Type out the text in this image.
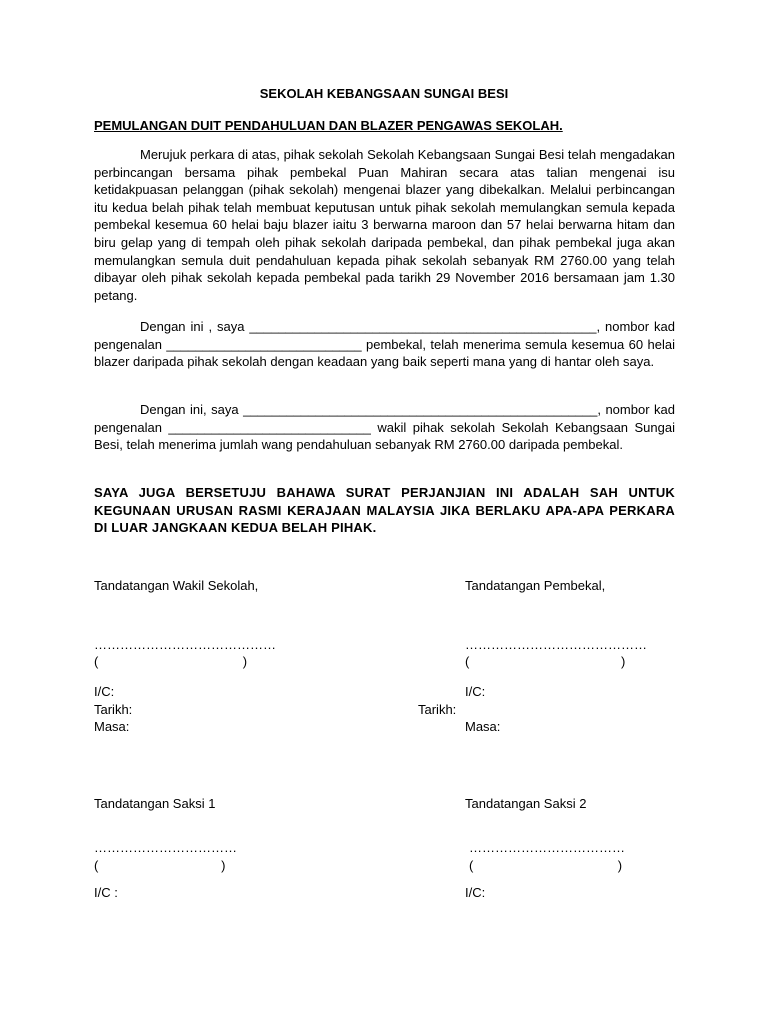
SEKOLAH KEBANGSAAN SUNGAI BESI
PEMULANGAN DUIT PENDAHULUAN DAN BLAZER PENGAWAS SEKOLAH.
Merujuk perkara di atas, pihak sekolah Sekolah Kebangsaan Sungai Besi telah mengadakan perbincangan bersama pihak pembekal Puan Mahiran secara atas talian mengenai isu ketidakpuasan pelanggan (pihak sekolah) mengenai blazer yang dibekalkan. Melalui perbincangan itu kedua belah pihak telah membuat keputusan untuk pihak sekolah memulangkan semula kepada pembekal kesemua 60 helai baju blazer iaitu 3 berwarna maroon dan 57 helai berwarna hitam dan biru gelap yang di tempah oleh pihak sekolah daripada pembekal, dan pihak pembekal juga akan memulangkan semula duit pendahuluan kepada pihak sekolah sebanyak RM 2760.00 yang telah dibayar oleh pihak sekolah kepada pembekal pada tarikh 29 November 2016 bersamaan jam 1.30 petang.
Dengan ini , saya ________________________________________________, nombor kad pengenalan ___________________________ pembekal, telah menerima semula kesemua 60 helai blazer daripada pihak sekolah dengan keadaan yang baik seperti mana yang di hantar oleh saya.
Dengan ini, saya _________________________________________________, nombor kad pengenalan ____________________________ wakil pihak sekolah Sekolah Kebangsaan Sungai Besi, telah menerima jumlah wang pendahuluan sebanyak RM 2760.00 daripada pembekal.
SAYA JUGA BERSETUJU BAHAWA SURAT PERJANJIAN INI ADALAH SAH UNTUK KEGUNAAN URUSAN RASMI KERAJAAN MALAYSIA JIKA BERLAKU APA-APA PERKARA DI LUAR JANGKAAN KEDUA BELAH PIHAK.
Tandatangan Wakil Sekolah,
……………………………………
(                                        )
I/C:
Tarikh:
Masa:
Tandatangan Pembekal,
……………………………………
(                                          )
I/C:
Tarikh:
Masa:
Tandatangan Saksi 1
……………………………
(                                  )
I/C :
Tandatangan Saksi 2
………………………………
(                                        )
I/C:
